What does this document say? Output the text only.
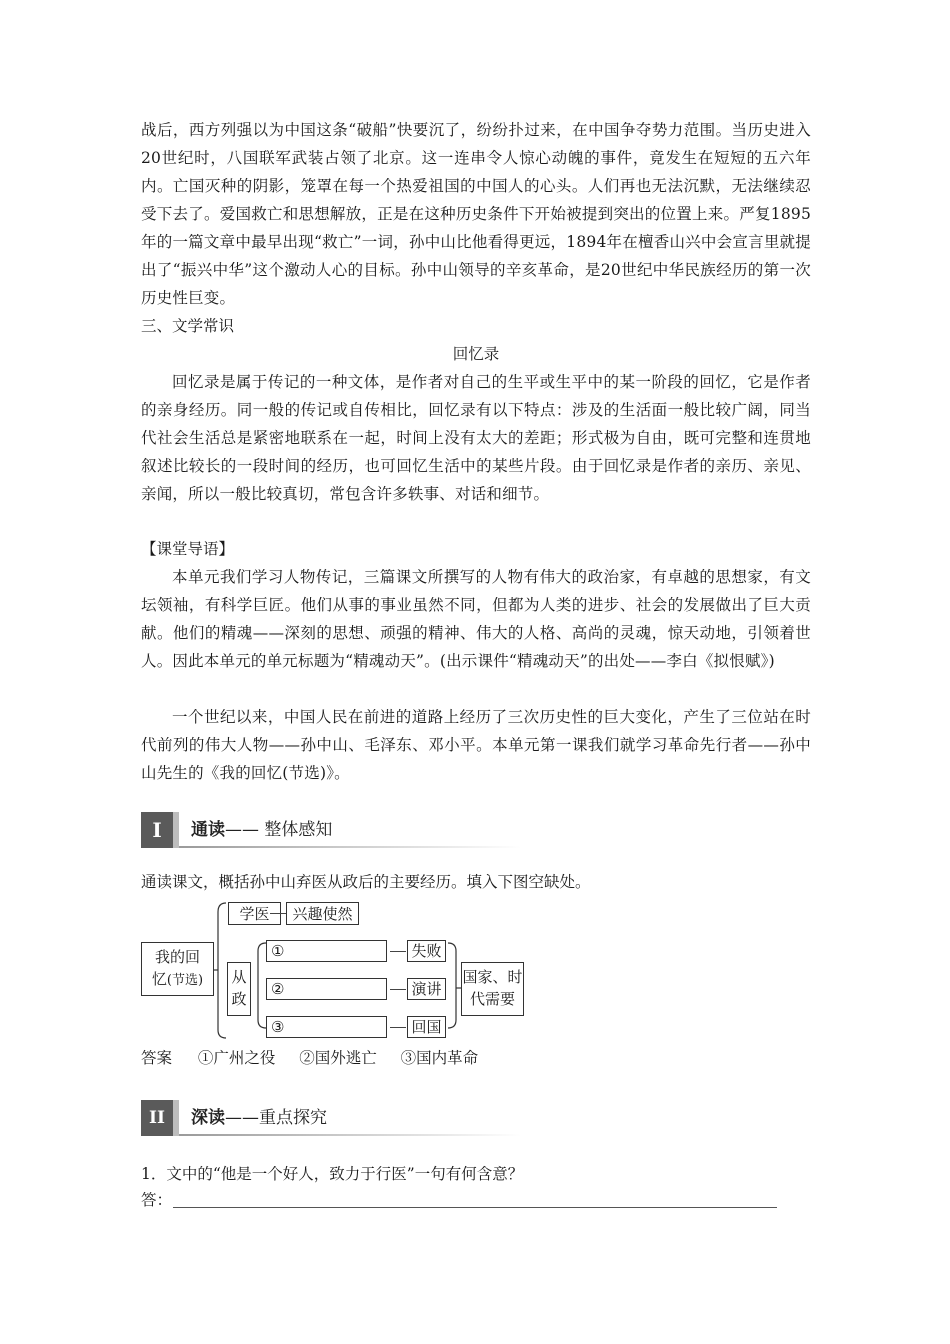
战后，西方列强以为中国这条“破船”快要沉了，纷纷扑过来，在中国争夺势力范围。当历史进入20世纪时，八国联军武装占领了北京。这一连串令人惊心动魄的事件，竟发生在短短的五六年内。亡国灭种的阴影，笼罩在每一个热爱祖国的中国人的心头。人们再也无法沉默，无法继续忍受下去了。爱国救亡和思想解放，正是在这种历史条件下开始被提到突出的位置上来。严复1895年的一篇文章中最早出现“救亡”一词，孙中山比他看得更远，1894年在檀香山兴中会宣言里就提出了“振兴中华”这个激动人心的目标。孙中山领导的辛亥革命，是20世纪中华民族经历的第一次历史性巨变。
三、文学常识
回忆录
回忆录是属于传记的一种文体，是作者对自己的生平或生平中的某一阶段的回忆，它是作者的亲身经历。同一般的传记或自传相比，回忆录有以下特点：涉及的生活面一般比较广阔，同当代社会生活总是紧密地联系在一起，时间上没有太大的差距；形式极为自由，既可完整和连贯地叙述比较长的一段时间的经历，也可回忆生活中的某些片段。由于回忆录是作者的亲历、亲见、亲闻，所以一般比较真切，常包含许多轶事、对话和细节。
【课堂导语】
本单元我们学习人物传记，三篇课文所撰写的人物有伟大的政治家，有卓越的思想家，有文坛领袖，有科学巨匠。他们从事的事业虽然不同，但都为人类的进步、社会的发展做出了巨大贡献。他们的精魂——深刻的思想、顽强的精神、伟大的人格、高尚的灵魂，惊天动地，引领着世人。因此本单元的单元标题为“精魂动天”。(出示课件“精魂动天”的出处——李白《拟恨赋》)
一个世纪以来，中国人民在前进的道路上经历了三次历史性的巨大变化，产生了三位站在时代前列的伟大人物——孙中山、毛泽东、邓小平。本单元第一课我们就学习革命先行者——孙中山先生的《我的回忆(节选)》。
I	通读—— 整体感知
通读课文，概括孙中山弃医从政后的主要经历。填入下图空缺处。
我的回
忆(节选)
学医	兴趣使然
从
政
①
②
③
失败
演讲
回国
国家、时
代需要
答案 ①广州之役 ②国外逃亡 ③国内革命
II	深读——重点探究
1．文中的“他是一个好人，致力于行医”一句有何含意？
答：
